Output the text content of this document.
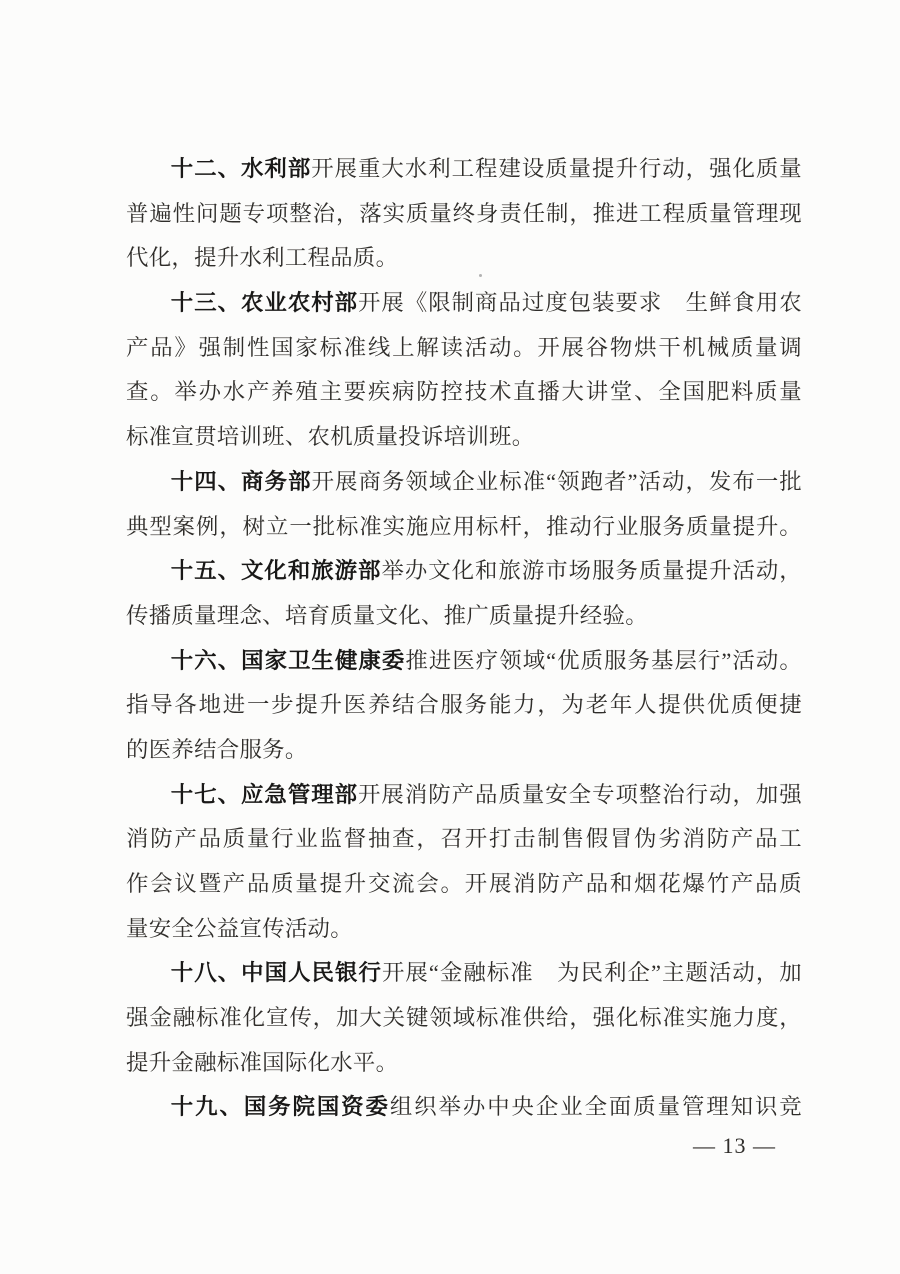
十二、水利部开展重大水利工程建设质量提升行动，强化质量
普遍性问题专项整治，落实质量终身责任制，推进工程质量管理现
代化，提升水利工程品质。
十三、农业农村部开展《限制商品过度包装要求　生鲜食用农
产品》强制性国家标准线上解读活动。开展谷物烘干机械质量调
查。举办水产养殖主要疾病防控技术直播大讲堂、全国肥料质量
标准宣贯培训班、农机质量投诉培训班。
十四、商务部开展商务领域企业标准“领跑者”活动，发布一批
典型案例，树立一批标准实施应用标杆，推动行业服务质量提升。
十五、文化和旅游部举办文化和旅游市场服务质量提升活动，
传播质量理念、培育质量文化、推广质量提升经验。
十六、国家卫生健康委推进医疗领域“优质服务基层行”活动。
指导各地进一步提升医养结合服务能力，为老年人提供优质便捷
的医养结合服务。
十七、应急管理部开展消防产品质量安全专项整治行动，加强
消防产品质量行业监督抽查，召开打击制售假冒伪劣消防产品工
作会议暨产品质量提升交流会。开展消防产品和烟花爆竹产品质
量安全公益宣传活动。
十八、中国人民银行开展“金融标准　为民利企”主题活动，加
强金融标准化宣传，加大关键领域标准供给，强化标准实施力度，
提升金融标准国际化水平。
十九、国务院国资委组织举办中央企业全面质量管理知识竞
— 13 —
